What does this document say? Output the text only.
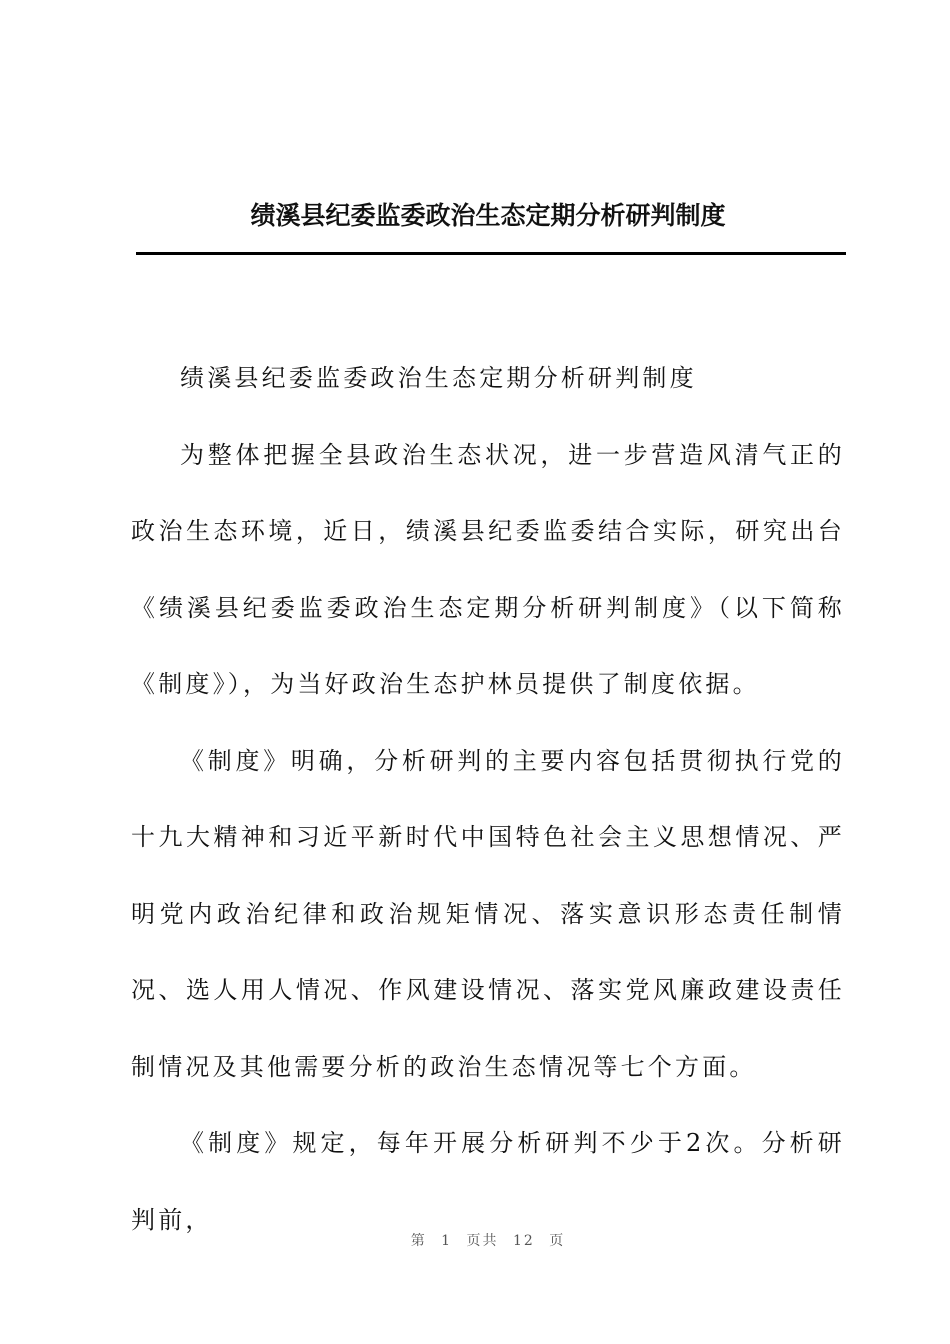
绩溪县纪委监委政治生态定期分析研判制度

绩溪县纪委监委政治生态定期分析研判制度

为整体把握全县政治生态状况，进一步营造风清气正的政治生态环境，近日，绩溪县纪委监委结合实际，研究出台《绩溪县纪委监委政治生态定期分析研判制度》（以下简称《制度》），为当好政治生态护林员提供了制度依据。

《制度》明确，分析研判的主要内容包括贯彻执行党的十九大精神和习近平新时代中国特色社会主义思想情况、严明党内政治纪律和政治规矩情况、落实意识形态责任制情况、选人用人情况、作风建设情况、落实党风廉政建设责任制情况及其他需要分析的政治生态情况等七个方面。

《制度》规定，每年开展分析研判不少于2次。分析研判前，

第 1 页共 12 页
